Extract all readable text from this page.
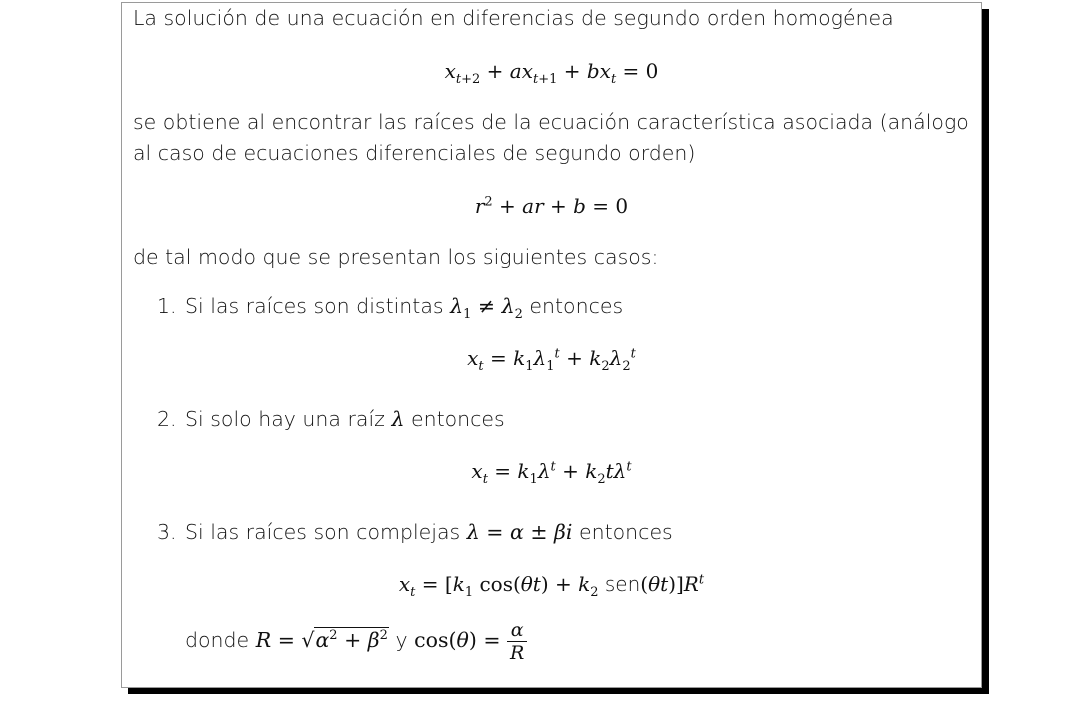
La solución de una ecuación en diferencias de segundo orden homogénea
$x_{t+2} + ax_{t+1} + bx_t = 0$
se obtiene al encontrar las raíces de la ecuación característica asociada (análogo
al caso de ecuaciones diferenciales de segundo orden)
$r^2$ + ar + b = 0
de tal modo que se presentan los siguientes casos:
1. Si las raíces son distintas $\lambda_1 \ne \lambda_2$ entonces
$x_t = k_1\lambda_1^t + k_2\lambda_2^t$
2. Si solo hay una raíz λ entonces
$x_t = k_1\lambda^t + k_2t\lambda^t$
3. Si las raíces son complejas λ = α ± βi entonces
$x_t = [k_1$ $\cos(\theta t) + k_2$ $sen(\theta t)]R^t$
donde $R = √\alpha^2 + \beta^2$ y $\cos(\theta) = \frac{\alpha}{R}$
